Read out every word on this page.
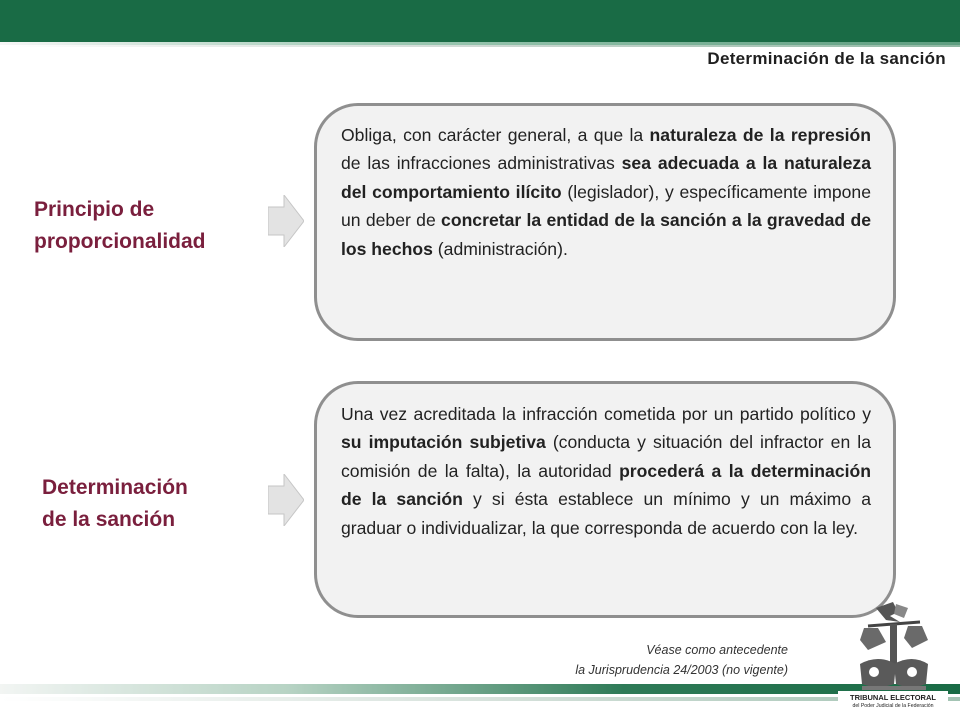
Determinación de la sanción
Principio de
proporcionalidad
Obliga, con carácter general, a que la naturaleza de la represión de las infracciones administrativas sea adecuada a la naturaleza del comportamiento ilícito (legislador), y específicamente impone un deber de concretar la entidad de la sanción a la gravedad de los hechos (administración).
Determinación
de la sanción
Una vez acreditada la infracción cometida por un partido político y su imputación subjetiva (conducta y situación del infractor en la comisión de la falta), la autoridad procederá a la determinación de la sanción y si ésta establece un mínimo y un máximo a graduar o individualizar, la que corresponda de acuerdo con la ley.
Véase como antecedente
la Jurisprudencia 24/2003 (no vigente)
TRIBUNAL ELECTORAL
del Poder Judicial de la Federación
